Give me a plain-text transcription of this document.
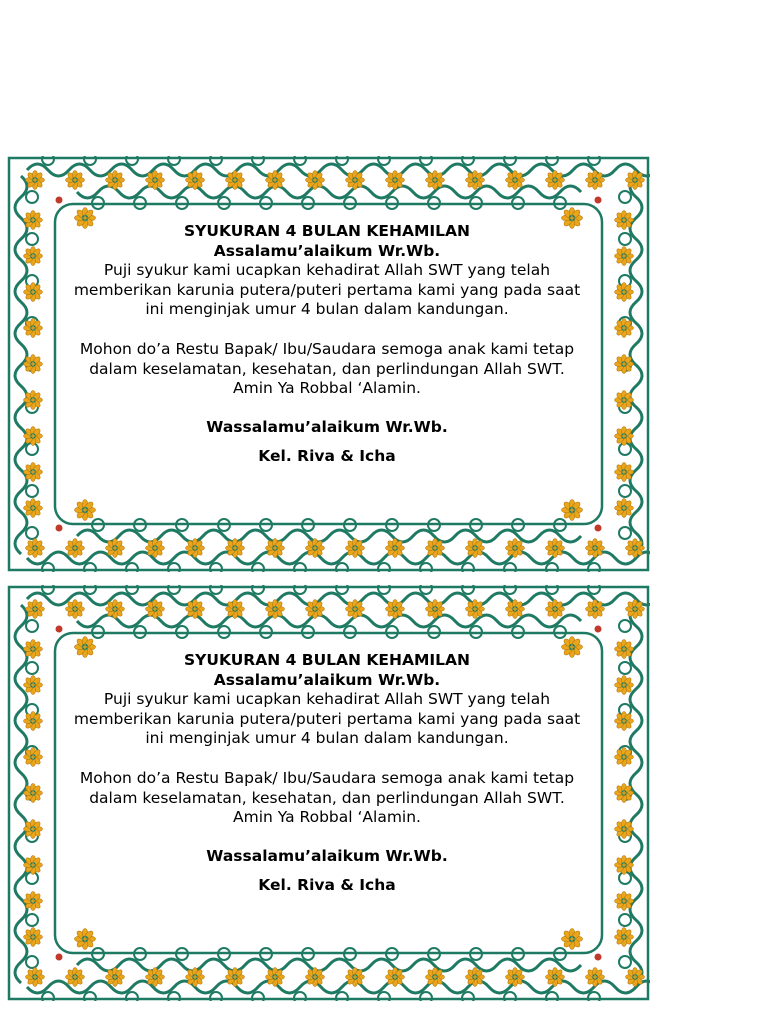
SYUKURAN 4 BULAN KEHAMILAN
Assalamu’alaikum Wr.Wb.

Puji syukur kami ucapkan kehadirat Allah SWT yang telah memberikan karunia putera/puteri pertama kami yang pada saat ini menginjak umur 4 bulan dalam kandungan.

Mohon do’a Restu Bapak/ Ibu/Saudara semoga anak kami tetap dalam keselamatan, kesehatan, dan perlindungan Allah SWT.

Amin Ya Robbal ‘Alamin.
Wassalamu’alaikum Wr.Wb.
Kel. Riva & Icha
SYUKURAN 4 BULAN KEHAMILAN
Assalamu’alaikum Wr.Wb.

Puji syukur kami ucapkan kehadirat Allah SWT yang telah memberikan karunia putera/puteri pertama kami yang pada saat ini menginjak umur 4 bulan dalam kandungan.

Mohon do’a Restu Bapak/ Ibu/Saudara semoga anak kami tetap dalam keselamatan, kesehatan, dan perlindungan Allah SWT.

Amin Ya Robbal ‘Alamin.
Wassalamu’alaikum Wr.Wb.
Kel. Riva & Icha
